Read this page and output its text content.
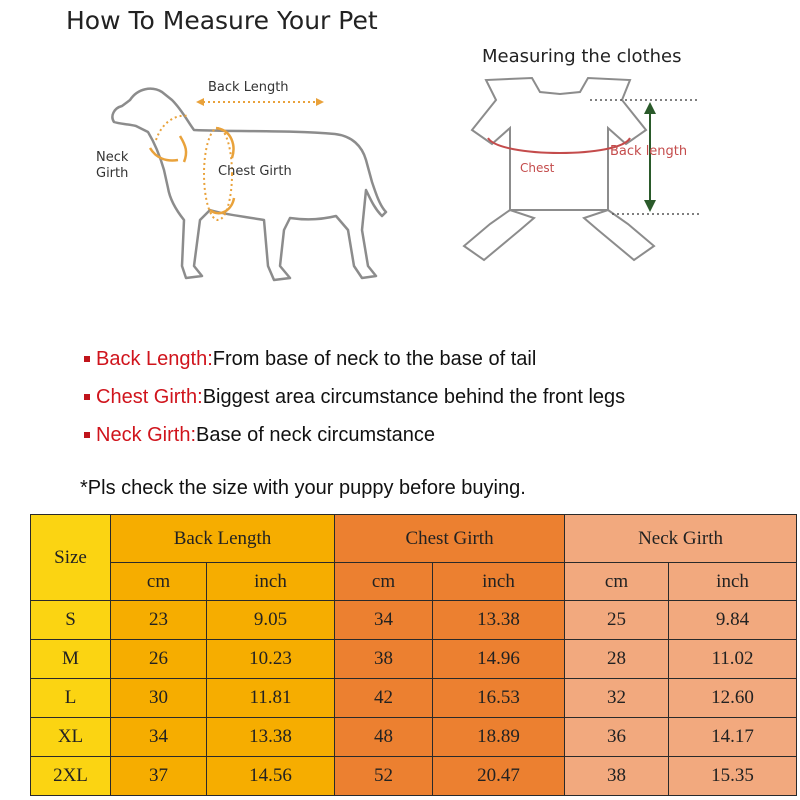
How To Measure Your Pet
Back Length
Neck
Girth	Chest Girth
Measuring the clothes
Chest
Back length
Back Length: From base of neck to the base of tail
Chest Girth: Biggest area circumstance behind the front legs
Neck Girth: Base of neck circumstance
*Pls check the size with your puppy before buying.
Size	Back Length		Chest Girth		Neck Girth	
	cm	inch	cm	inch	cm	inch
S	23	9.05	34	13.38	25	9.84
M	26	10.23	38	14.96	28	11.02
L	30	11.81	42	16.53	32	12.60
XL	34	13.38	48	18.89	36	14.17
2XL	37	14.56	52	20.47	38	15.35
